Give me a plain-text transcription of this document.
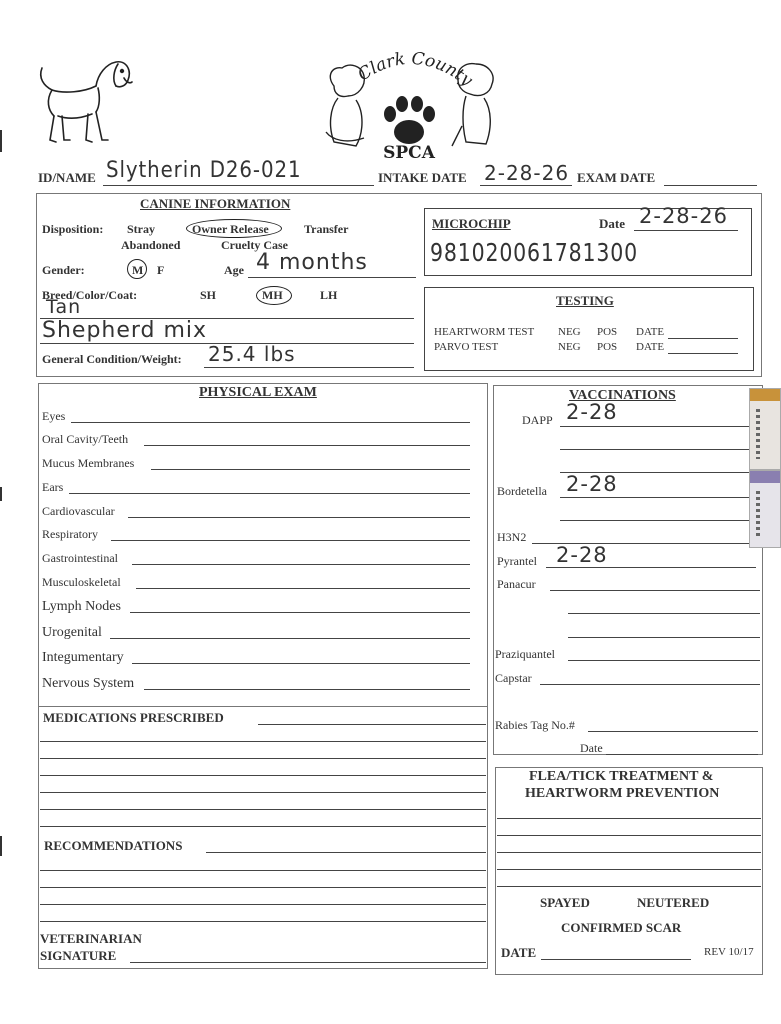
Clark County
SPCA
ID/NAME Slytherin D26-021	INTAKE DATE 2-28-26 EXAM DATE
CANINE INFORMATION
Disposition: Stray	Owner Release	Transfer
Abandoned	Cruelty Case
Gender:	M F	Age 4 months
Breed/Color/Coat:	SH	MH	LH
Tan
Shepherd mix
General Condition/Weight: 25.4 lbs
MICROCHIP	Date 2-28-26
981020061781300
TESTING
HEARTWORM TEST NEG POS DATE
PARVO TEST	NEG POS DATE
PHYSICAL EXAM
Eyes
Oral Cavity/Teeth
Mucus Membranes
Ears
Cardiovascular
Respiratory
Gastrointestinal
Musculoskeletal
Lymph Nodes
Urogenital
Integumentary
Nervous System
MEDICATIONS PRESCRIBED
RECOMMENDATIONS
VETERINARIAN
SIGNATURE
VACCINATIONS
DAPP 2-28
Bordetella 2-28
H3N2
Pyrantel 2-28
Panacur
Praziquantel
Capstar
Rabies Tag No.#
Date
FLEA/TICK TREATMENT &
HEARTWORM PREVENTION
SPAYED	NEUTERED
CONFIRMED SCAR
DATE	REV 10/17
